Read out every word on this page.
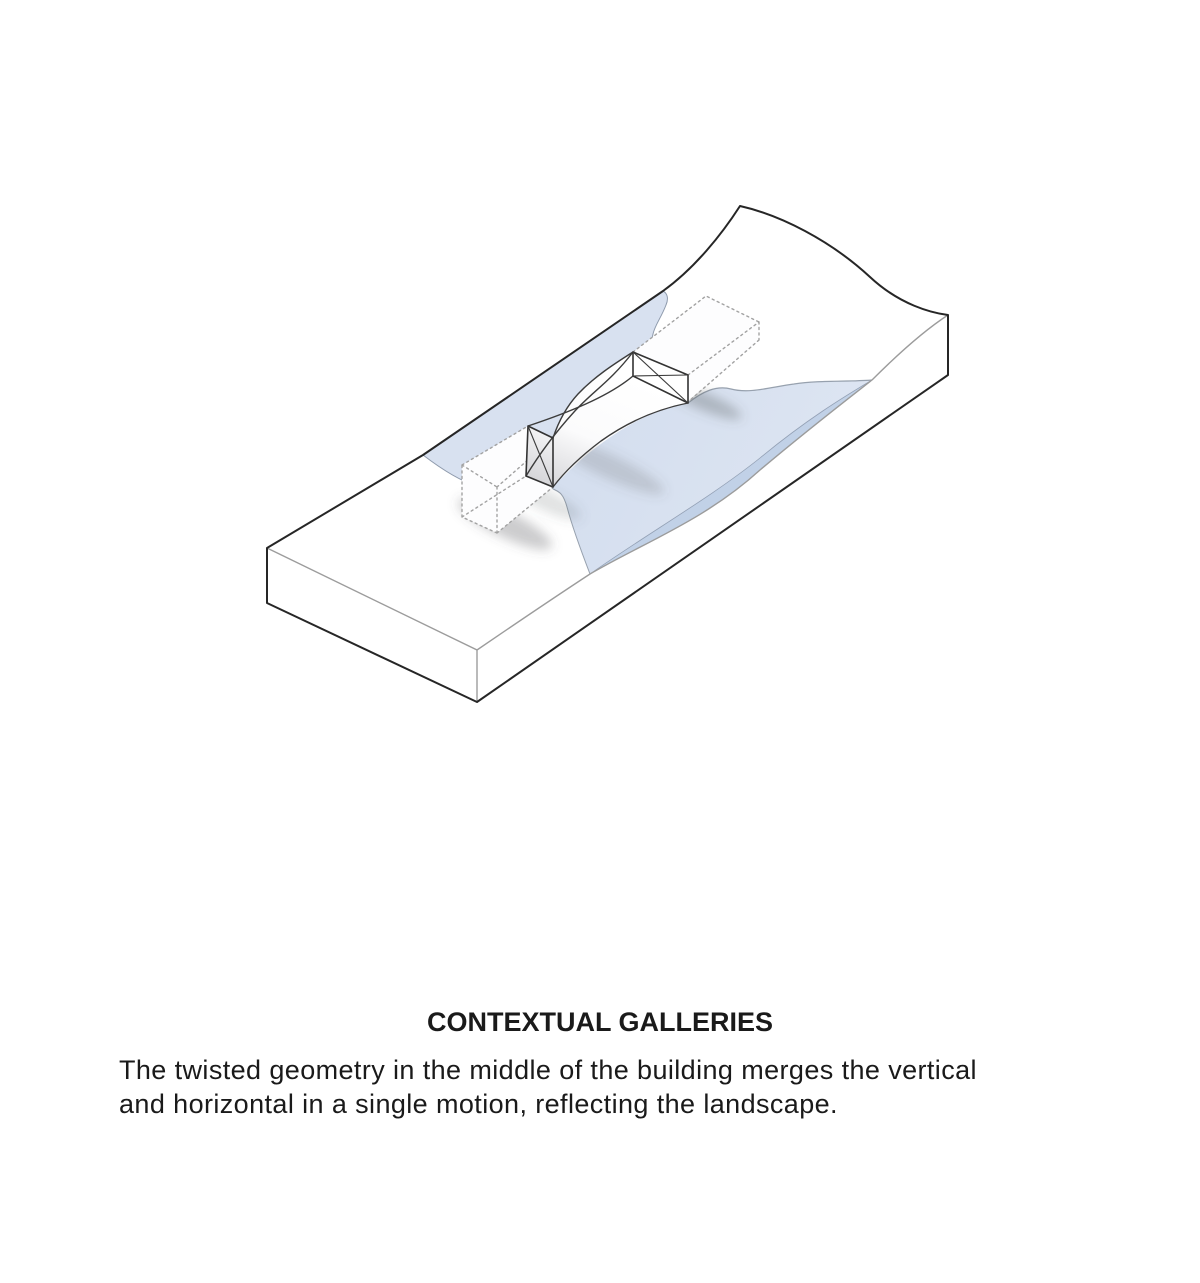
CONTEXTUAL GALLERIES
The twisted geometry in the middle of the building merges the vertical
and horizontal in a single motion, reflecting the landscape.
